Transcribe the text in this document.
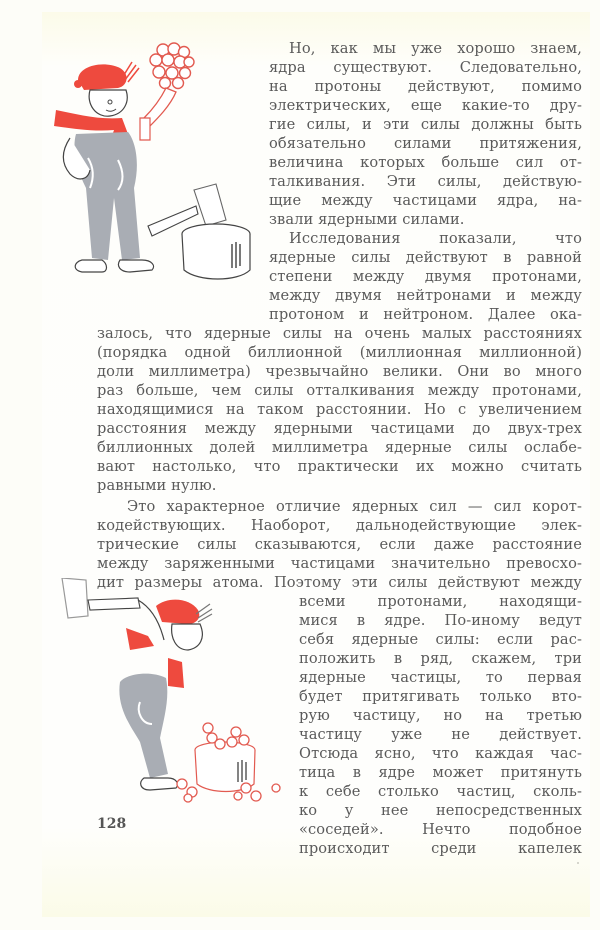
Но, как мы уже хорошо знаем,
ядра существуют. Следовательно,
на протоны действуют, помимо
электрических, еще какие-то дру-
гие силы, и эти силы должны быть
обязательно силами притяжения,
величина которых больше сил от-
талкивания. Эти силы, действую-
щие между частицами ядра, на-
звали ядерными силами.
Исследования показали, что
ядерные силы действуют в равной
степени между двумя протонами,
между двумя нейтронами и между
протоном и нейтроном. Далее ока-
залось, что ядерные силы на очень малых расстояниях
(порядка одной биллионной (миллионная миллионной)
доли миллиметра) чрезвычайно велики. Они во много
раз больше, чем силы отталкивания между протонами,
находящимися на таком расстоянии. Но с увеличением
расстояния между ядерными частицами до двух-трех
биллионных долей миллиметра ядерные силы ослабе-
вают настолько, что практически их можно считать
равными нулю.
Это характерное отличие ядерных сил — сил корот-
кодействующих. Наоборот, дальнодействующие элек-
трические силы сказываются, если даже расстояние
между заряженными частицами значительно превосхо-
дит размеры атома. Поэтому эти силы действуют между
всеми протонами, находящи-
мися в ядре. По-иному ведут
себя ядерные силы: если рас-
положить в ряд, скажем, три
ядерные частицы, то первая
будет притягивать только вто-
рую частицу, но на третью
частицу уже не действует.
Отсюда ясно, что каждая час-
тица в ядре может притянуть
к себе столько частиц, сколь-
ко у нее непосредственных
«соседей». Нечто подобное
происходит среди капелек
128
